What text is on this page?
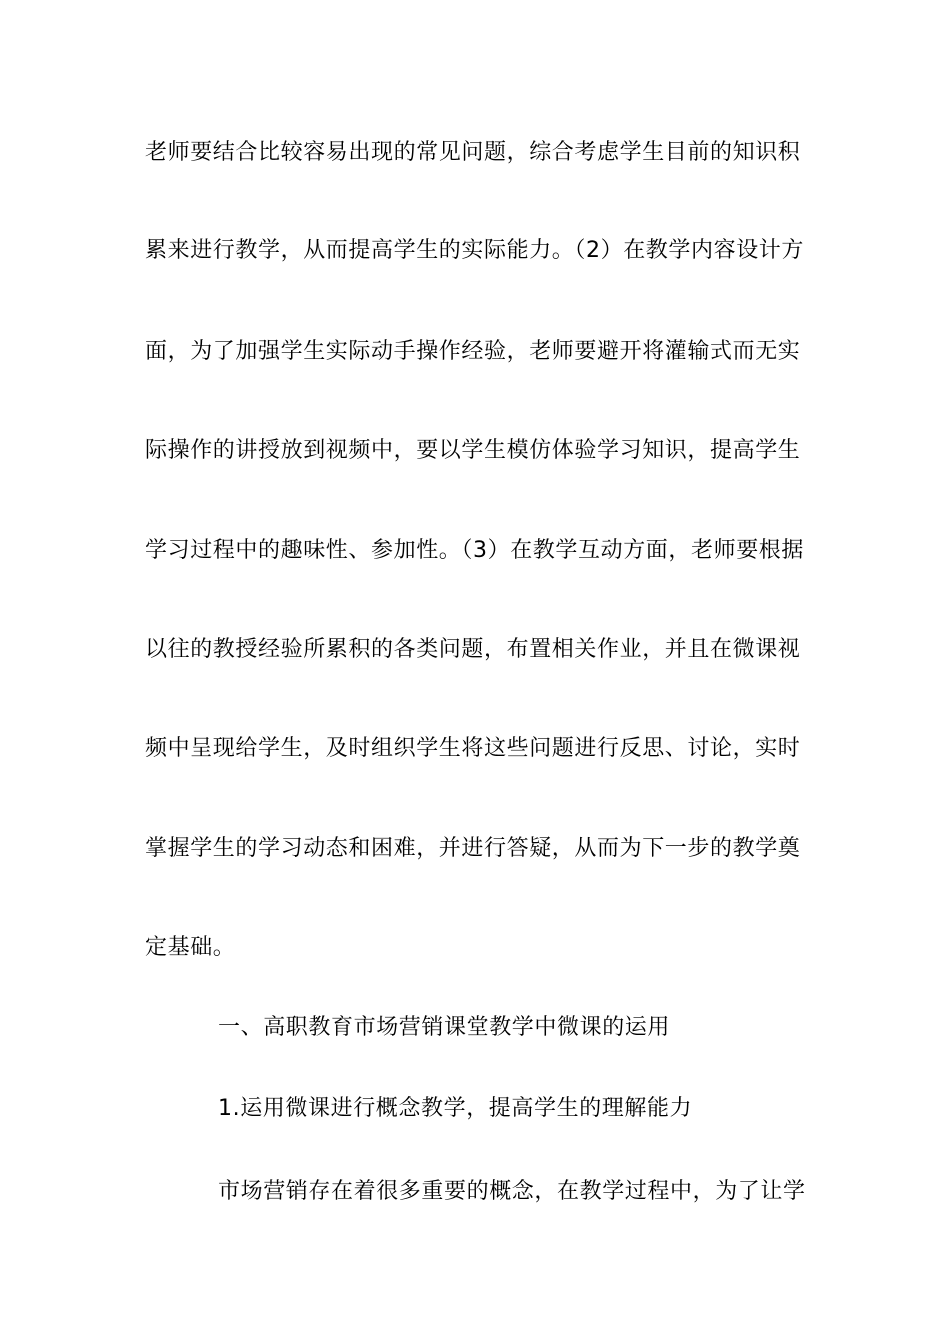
老师要结合比较容易出现的常见问题，综合考虑学生目前的知识积
累来进行教学，从而提高学生的实际能力。（2）在教学内容设计方
面，为了加强学生实际动手操作经验，老师要避开将灌输式而无实
际操作的讲授放到视频中，要以学生模仿体验学习知识，提高学生
学习过程中的趣味性、参加性。（3）在教学互动方面，老师要根据
以往的教授经验所累积的各类问题，布置相关作业，并且在微课视
频中呈现给学生，及时组织学生将这些问题进行反思、讨论，实时
掌握学生的学习动态和困难，并进行答疑，从而为下一步的教学奠
定基础。
一、高职教育市场营销课堂教学中微课的运用
1.运用微课进行概念教学，提高学生的理解能力
市场营销存在着很多重要的概念，在教学过程中，为了让学
